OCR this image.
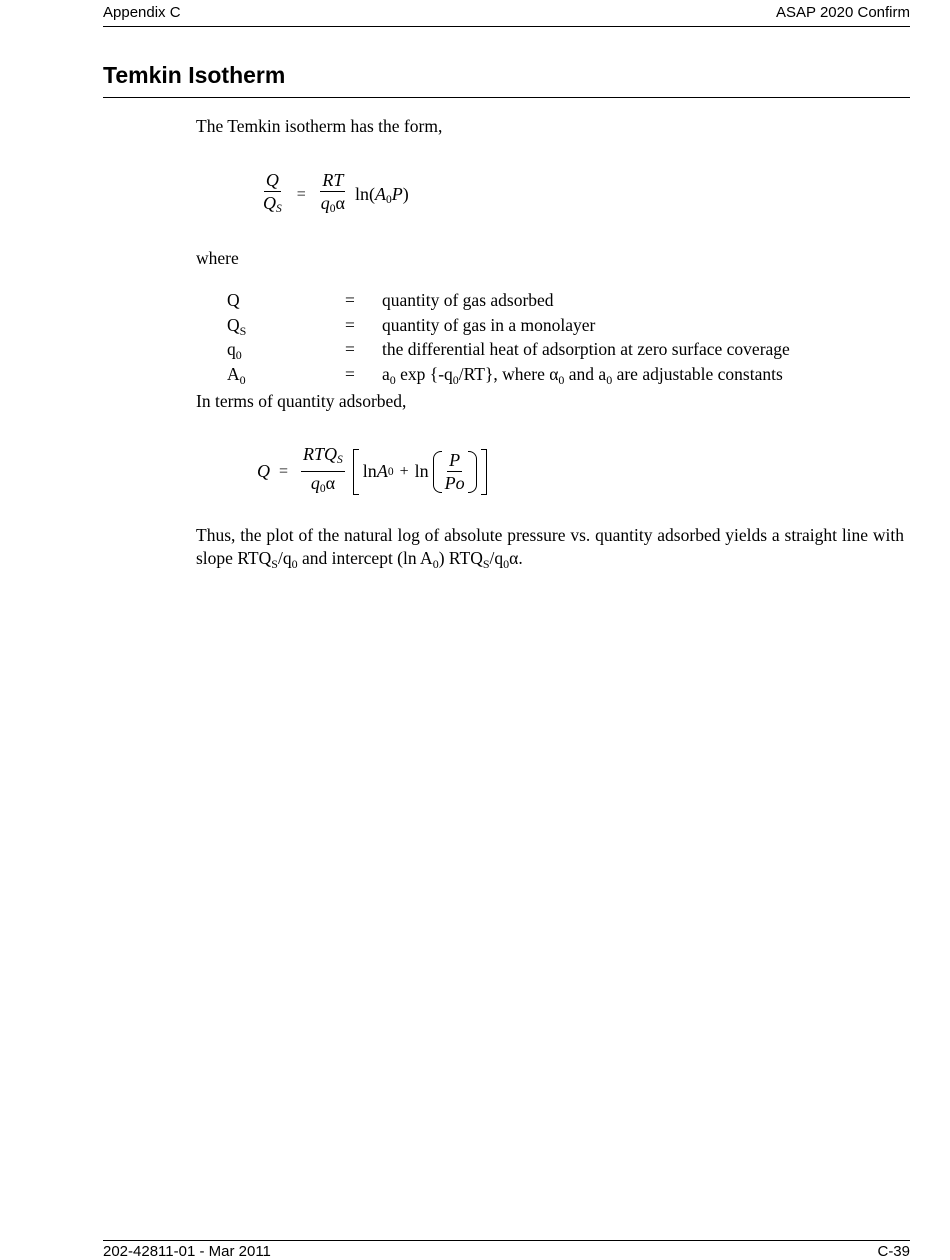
Appendix C	ASAP 2020 Confirm
Temkin Isotherm
The Temkin isotherm has the form,
$\frac{Q}{Q_S} = \frac{RT}{q_0\alpha} \ln(A_0P)$
where
Q	= quantity of gas adsorbed
$Q_S$	= quantity of gas in a monolayer
$q_0$	= the differential heat of adsorption at zero surface coverage
$A_0$	= $a_0$ $\exp \{-q_0/RT\}$, where $\alpha_0$ and $a_0$ are adjustable constants
In terms of quantity adsorbed,
$Q = \frac{RTQ_S}{q_0\alpha}$ ln A $0 + \ln \frac{P}{Po}$
Thus, the plot of the natural log of absolute pressure vs. quantity adsorbed yields a straight line with slope $RTQ_S/q_0$ and intercept (ln $A_0$) $RTQ_S/q_0\alpha$.
202-42811-01 - Mar 2011	C-39
